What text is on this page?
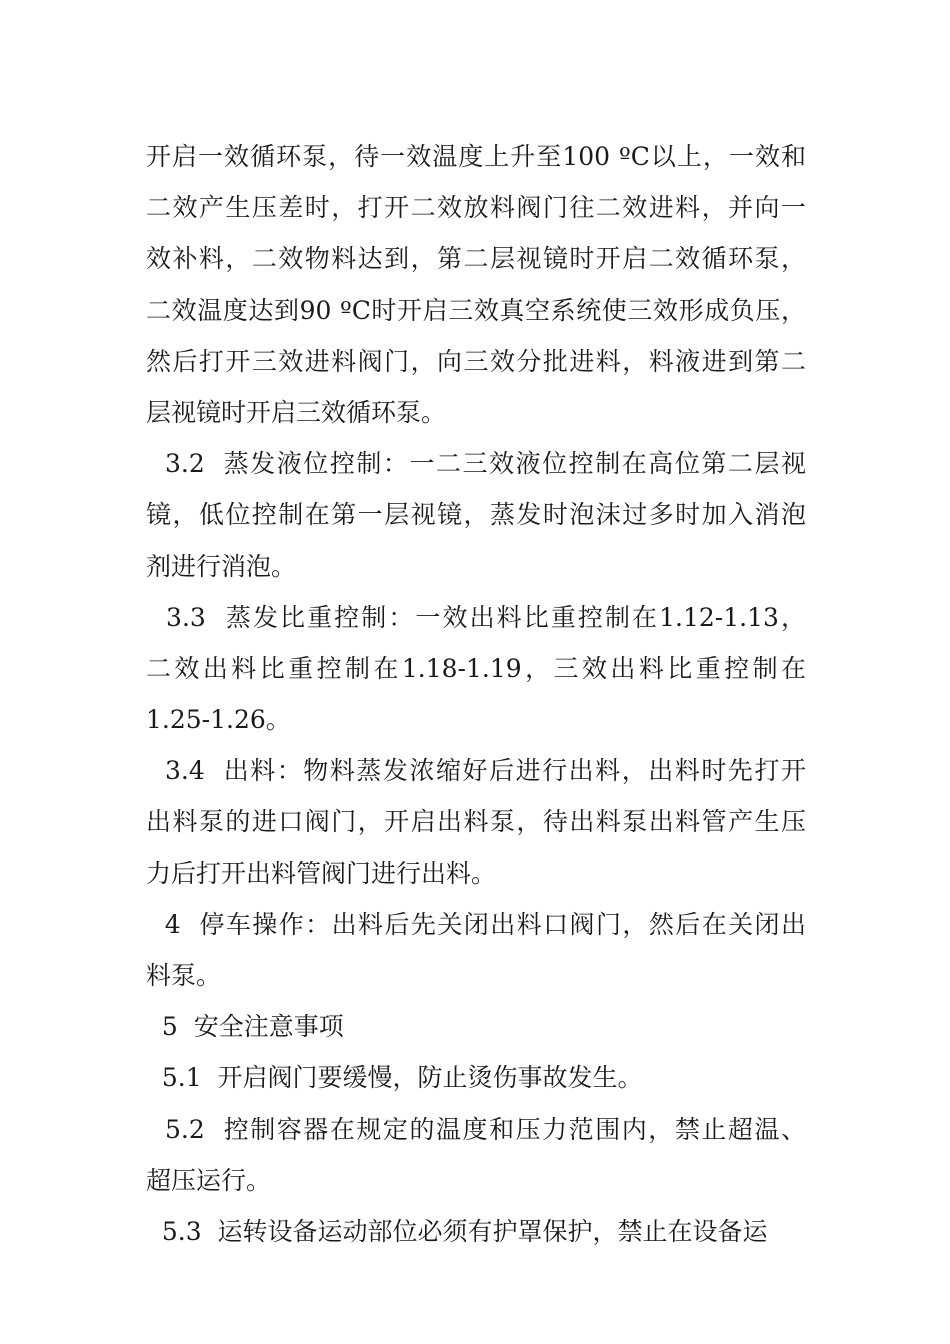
开启一效循环泵，待一效温度上升至100 ºC以上，一效和
二效产生压差时，打开二效放料阀门往二效进料，并向一
效补料，二效物料达到，第二层视镜时开启二效循环泵，
二效温度达到90 ºC时开启三效真空系统使三效形成负压，
然后打开三效进料阀门，向三效分批进料，料液进到第二
层视镜时开启三效循环泵。
3.2  蒸发液位控制：一二三效液位控制在高位第二层视
镜，低位控制在第一层视镜，蒸发时泡沫过多时加入消泡
剂进行消泡。
3.3  蒸发比重控制：一效出料比重控制在1.12-1.13，
二效出料比重控制在1.18-1.19，三效出料比重控制在
1.25-1.26。
3.4  出料：物料蒸发浓缩好后进行出料，出料时先打开
出料泵的进口阀门，开启出料泵，待出料泵出料管产生压
力后打开出料管阀门进行出料。
4  停车操作：出料后先关闭出料口阀门，然后在关闭出
料泵。
5  安全注意事项
5.1  开启阀门要缓慢，防止烫伤事故发生。
5.2  控制容器在规定的温度和压力范围内，禁止超温、
超压运行。
5.3  运转设备运动部位必须有护罩保护，禁止在设备运
